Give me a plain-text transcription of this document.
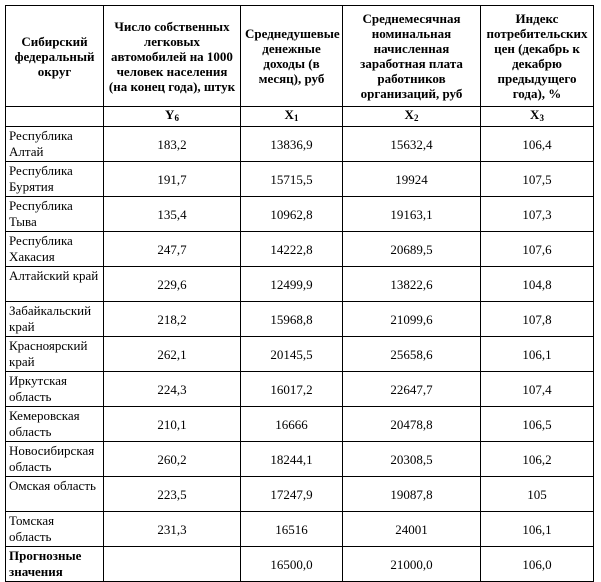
Сибирский федеральный округ	Число собственных легковых автомобилей на 1000 человек населения (на конец года), штук	Среднедушевые денежные доходы (в месяц), руб	Среднемесячная номинальная начисленная заработная плата работников организаций, руб	Индекс потребительских цен (декабрь к декабрю предыдущего года), %
	$Y_6$	$X_1$	$X_2$	$X_3$
Республика Алтай	183,2	13836,9	15632,4	106,4
Республика Бурятия	191,7	15715,5	19924	107,5
Республика Тыва	135,4	10962,8	19163,1	107,3
Республика Хакасия	247,7	14222,8	20689,5	107,6
Алтайский край	229,6	12499,9	13822,6	104,8
Забайкальский край	218,2	15968,8	21099,6	107,8
Красноярский край	262,1	20145,5	25658,6	106,1
Иркутская область	224,3	16017,2	22647,7	107,4
Кемеровская область	210,1	16666	20478,8	106,5
Новосибирская область	260,2	18244,1	20308,5	106,2
Омская область	223,5	17247,9	19087,8	105
Томская область	231,3	16516	24001	106,1
Прогнозные значения		16500,0	21000,0	106,0
